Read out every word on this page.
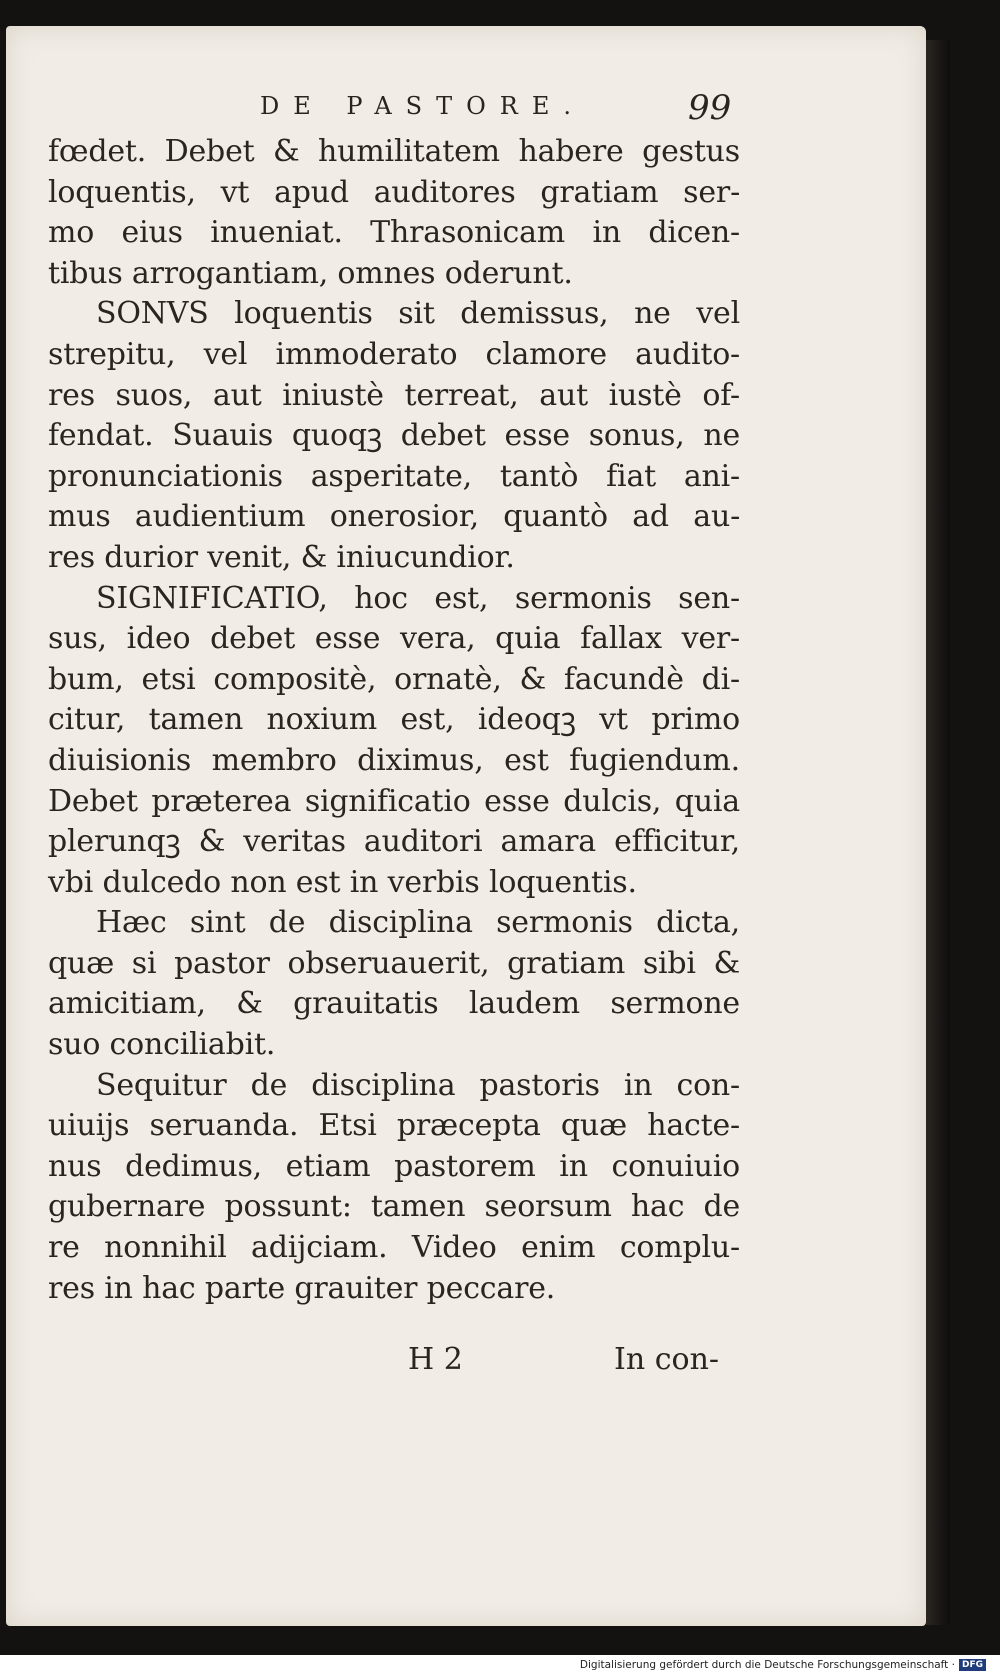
DE PASTORE.	99
fœdet. Debet & humilitatem habere gestus
loquentis, vt apud auditores gratiam ser-
mo eius inueniat. Thrasonicam in dicen-
tibus arrogantiam, omnes oderunt.
SONVS loquentis sit demissus, ne vel
strepitu, vel immoderato clamore audito-
res suos, aut iniustè terreat, aut iustè of-
fendat. Suauis quoqꝫ debet esse sonus, ne
pronunciationis asperitate, tantò fiat ani-
mus audientium onerosior, quantò ad au-
res durior venit, & iniucundior.
SIGNIFICATIO, hoc est, sermonis sen-
sus, ideo debet esse vera, quia fallax ver-
bum, etsi compositè, ornatè, & facundè di-
citur, tamen noxium est, ideoqꝫ vt primo
diuisionis membro diximus, est fugiendum.
Debet præterea significatio esse dulcis, quia
plerunqꝫ & veritas auditori amara efficitur,
vbi dulcedo non est in verbis loquentis.
Hæc sint de disciplina sermonis dicta,
quæ si pastor obseruauerit, gratiam sibi &
amicitiam, & grauitatis laudem sermone
suo conciliabit.
Sequitur de disciplina pastoris in con-
uiuijs seruanda. Etsi præcepta quæ hacte-
nus dedimus, etiam pastorem in conuiuio
gubernare possunt: tamen seorsum hac de
re nonnihil adijciam. Video enim complu-
res in hac parte grauiter peccare.
H 2	In con-
Digitalisierung gefördert durch die Deutsche Forschungsgemeinschaft · DFG
